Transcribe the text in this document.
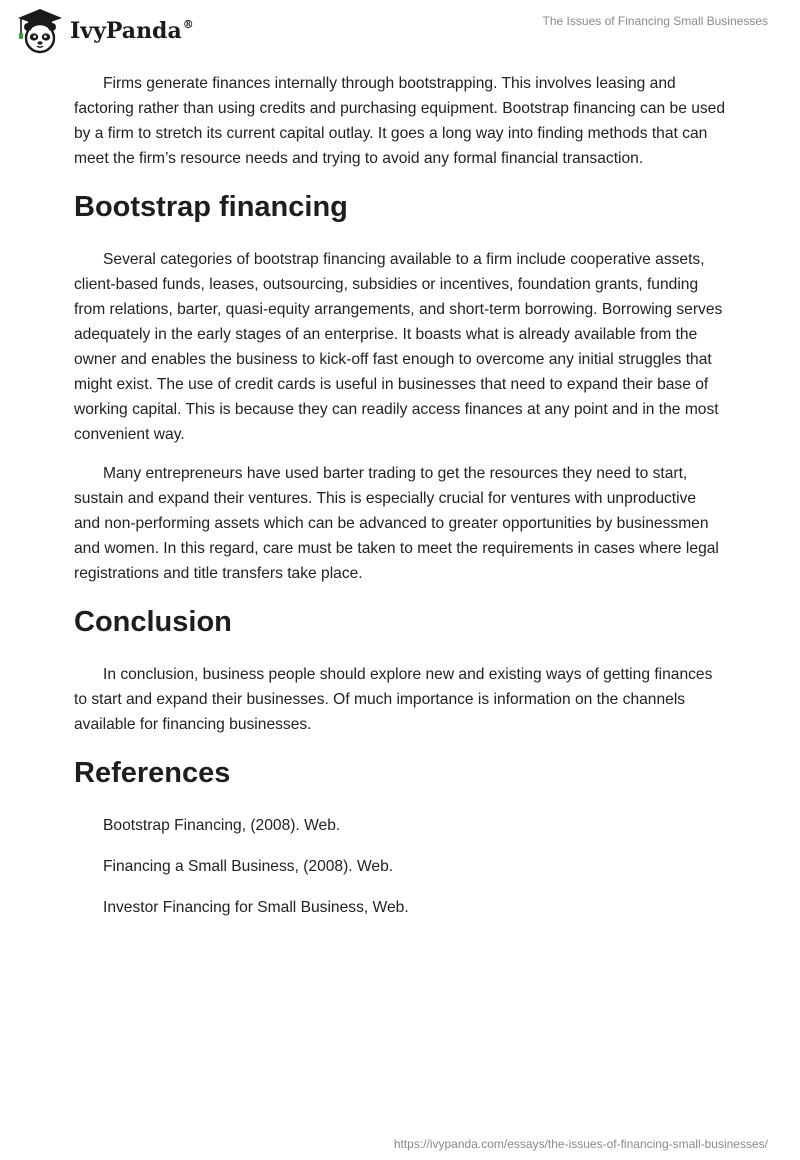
IvyPanda®	The Issues of Financing Small Businesses

Firms generate finances internally through bootstrapping. This involves leasing and factoring rather than using credits and purchasing equipment. Bootstrap financing can be used by a firm to stretch its current capital outlay. It goes a long way into finding methods that can meet the firm’s resource needs and trying to avoid any formal financial transaction.

Bootstrap financing

Several categories of bootstrap financing available to a firm include cooperative assets, client-based funds, leases, outsourcing, subsidies or incentives, foundation grants, funding from relations, barter, quasi-equity arrangements, and short-term borrowing. Borrowing serves adequately in the early stages of an enterprise. It boasts what is already available from the owner and enables the business to kick-off fast enough to overcome any initial struggles that might exist. The use of credit cards is useful in businesses that need to expand their base of working capital. This is because they can readily access finances at any point and in the most convenient way.

Many entrepreneurs have used barter trading to get the resources they need to start, sustain and expand their ventures. This is especially crucial for ventures with unproductive and non-performing assets which can be advanced to greater opportunities by businessmen and women. In this regard, care must be taken to meet the requirements in cases where legal registrations and title transfers take place.

Conclusion

In conclusion, business people should explore new and existing ways of getting finances to start and expand their businesses. Of much importance is information on the channels available for financing businesses.

References
Bootstrap Financing, (2008). Web.
Financing a Small Business, (2008). Web.
Investor Financing for Small Business, Web.
https://ivypanda.com/essays/the-issues-of-financing-small-businesses/
